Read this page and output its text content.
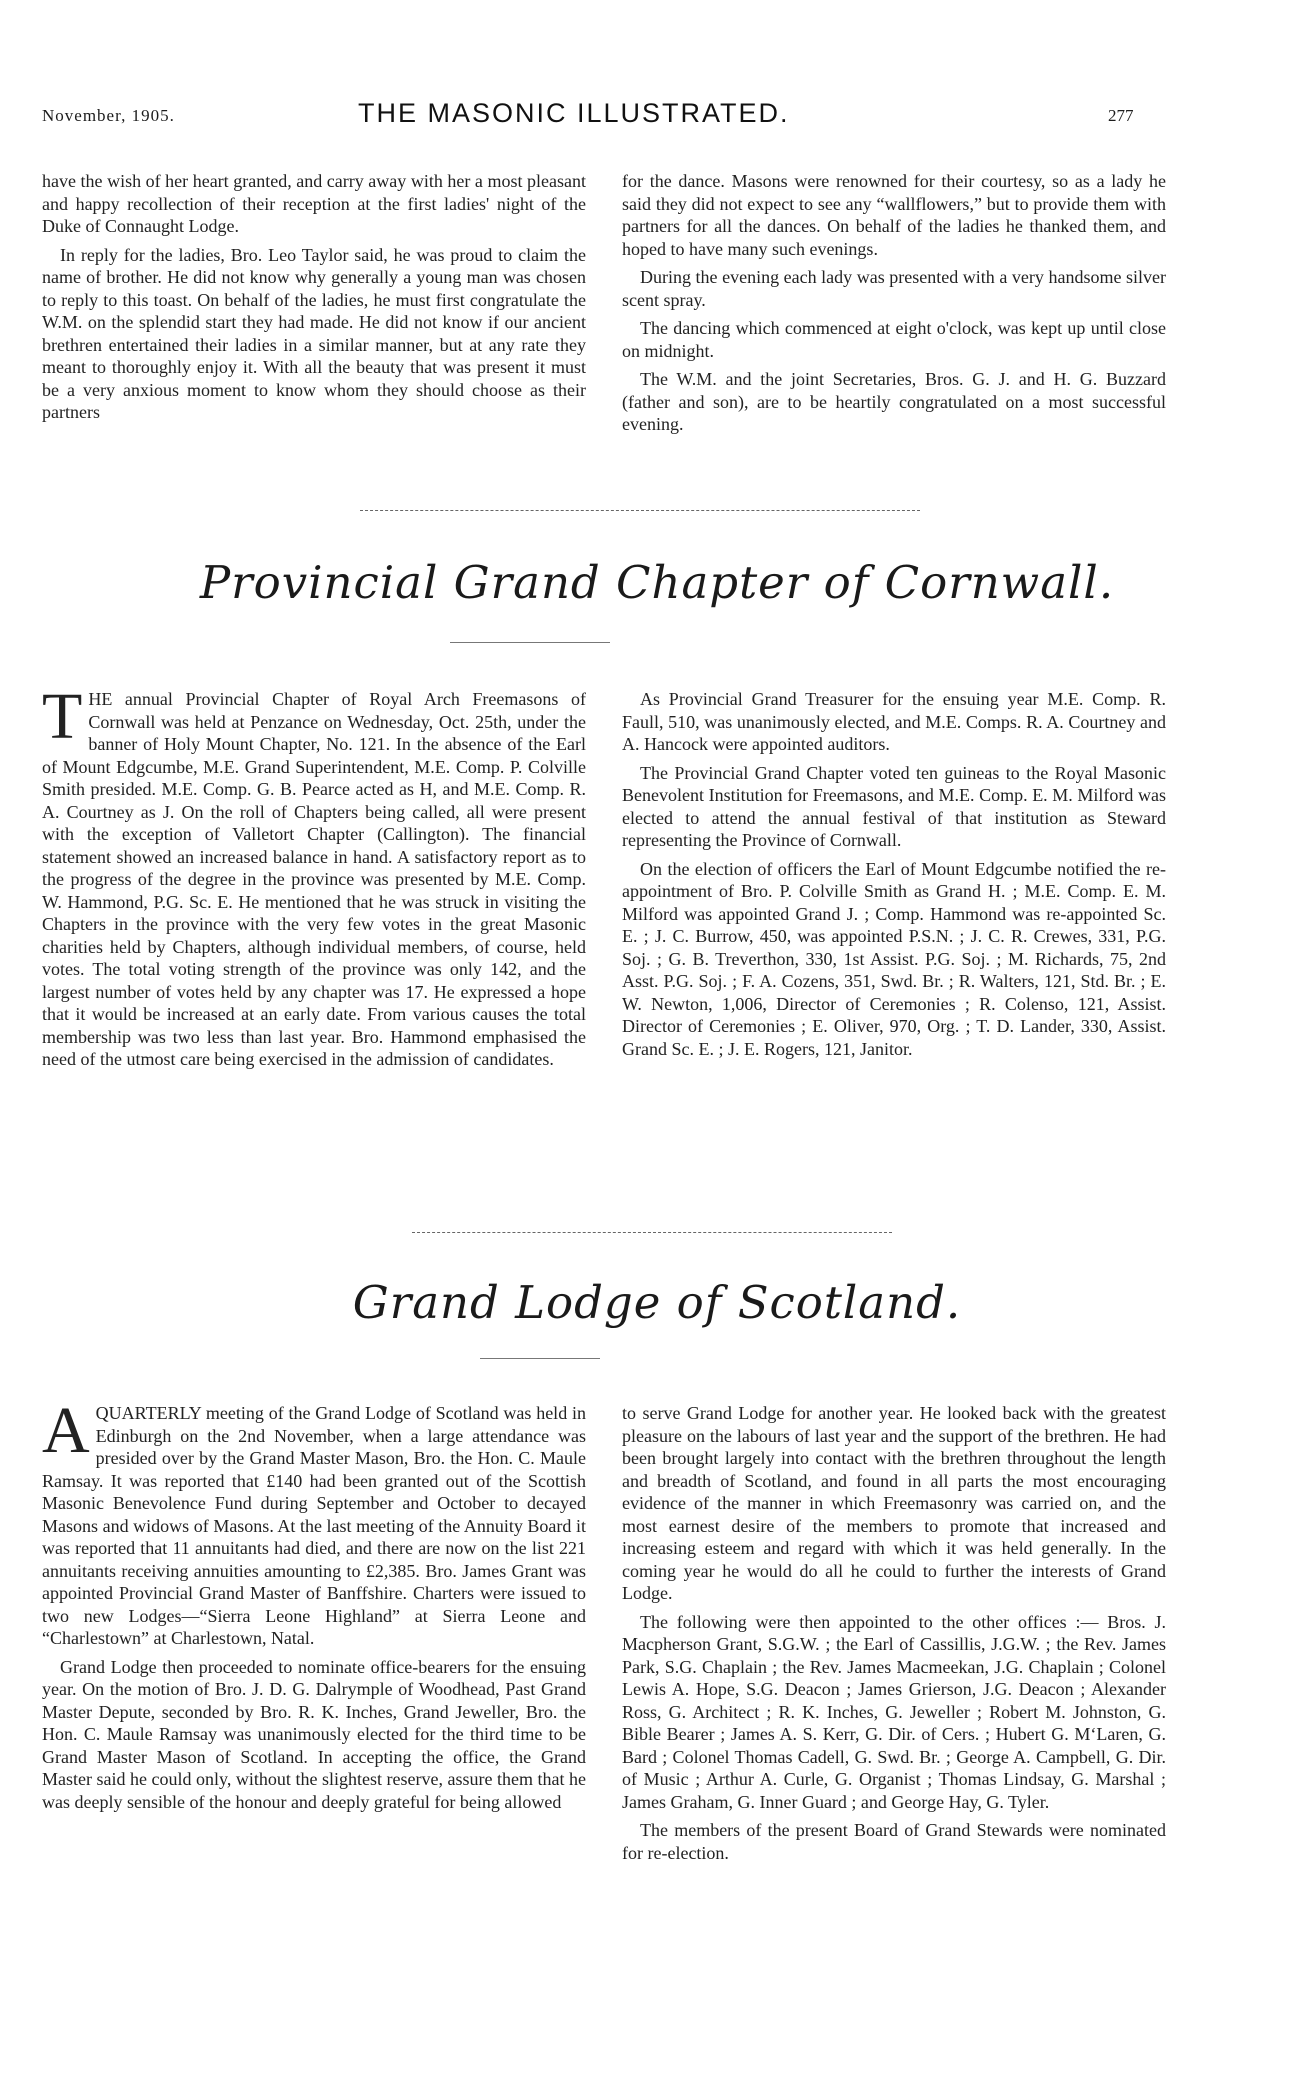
November, 1905.	THE MASONIC ILLUSTRATED.	277

have the wish of her heart granted, and carry away with her a most pleasant and happy recollection of their reception at the first ladies' night of the Duke of Connaught Lodge.

In reply for the ladies, Bro. Leo Taylor said, he was proud to claim the name of brother. He did not know why generally a young man was chosen to reply to this toast. On behalf of the ladies, he must first congratulate the W.M. on the splendid start they had made. He did not know if our ancient brethren entertained their ladies in a similar manner, but at any rate they meant to thoroughly enjoy it. With all the beauty that was present it must be a very anxious moment to know whom they should choose as their partners

for the dance. Masons were renowned for their courtesy, so as a lady he said they did not expect to see any “wallflowers,” but to provide them with partners for all the dances. On behalf of the ladies he thanked them, and hoped to have many such evenings.

During the evening each lady was presented with a very handsome silver scent spray.

The dancing which commenced at eight o'clock, was kept up until close on midnight.

The W.M. and the joint Secretaries, Bros. G. J. and H. G. Buzzard (father and son), are to be heartily congratulated on a most successful evening.

Provincial Grand Chapter of Cornwall.

THE annual Provincial Chapter of Royal Arch Freemasons of Cornwall was held at Penzance on Wednesday, Oct. 25th, under the banner of Holy Mount Chapter, No. 121. In the absence of the Earl of Mount Edgcumbe, M.E. Grand Superintendent, M.E. Comp. P. Colville Smith presided. M.E. Comp. G. B. Pearce acted as H, and M.E. Comp. R. A. Courtney as J. On the roll of Chapters being called, all were present with the exception of Valletort Chapter (Callington). The financial statement showed an increased balance in hand. A satisfactory report as to the progress of the degree in the province was presented by M.E. Comp. W. Hammond, P.G. Sc. E. He mentioned that he was struck in visiting the Chapters in the province with the very few votes in the great Masonic charities held by Chapters, although individual members, of course, held votes. The total voting strength of the province was only 142, and the largest number of votes held by any chapter was 17. He expressed a hope that it would be increased at an early date. From various causes the total membership was two less than last year. Bro. Hammond emphasised the need of the utmost care being exercised in the admission of candidates.

As Provincial Grand Treasurer for the ensuing year M.E. Comp. R. Faull, 510, was unanimously elected, and M.E. Comps. R. A. Courtney and A. Hancock were appointed auditors.

The Provincial Grand Chapter voted ten guineas to the Royal Masonic Benevolent Institution for Freemasons, and M.E. Comp. E. M. Milford was elected to attend the annual festival of that institution as Steward representing the Province of Cornwall.

On the election of officers the Earl of Mount Edgcumbe notified the re-appointment of Bro. P. Colville Smith as Grand H. ; M.E. Comp. E. M. Milford was appointed Grand J. ; Comp. Hammond was re-appointed Sc. E. ; J. C. Burrow, 450, was appointed P.S.N. ; J. C. R. Crewes, 331, P.G. Soj. ; G. B. Treverthon, 330, 1st Assist. P.G. Soj. ; M. Richards, 75, 2nd Asst. P.G. Soj. ; F. A. Cozens, 351, Swd. Br. ; R. Walters, 121, Std. Br. ; E. W. Newton, 1,006, Director of Ceremonies ; R. Colenso, 121, Assist. Director of Ceremonies ; E. Oliver, 970, Org. ; T. D. Lander, 330, Assist. Grand Sc. E. ; J. E. Rogers, 121, Janitor.

Grand Lodge of Scotland.

AQUARTERLY meeting of the Grand Lodge of Scotland was held in Edinburgh on the 2nd November, when a large attendance was presided over by the Grand Master Mason, Bro. the Hon. C. Maule Ramsay. It was reported that £140 had been granted out of the Scottish Masonic Benevolence Fund during September and October to decayed Masons and widows of Masons. At the last meeting of the Annuity Board it was reported that 11 annuitants had died, and there are now on the list 221 annuitants receiving annuities amounting to £2,385. Bro. James Grant was appointed Provincial Grand Master of Banffshire. Charters were issued to two new Lodges—“Sierra Leone Highland” at Sierra Leone and “Charlestown” at Charlestown, Natal.

Grand Lodge then proceeded to nominate office-bearers for the ensuing year. On the motion of Bro. J. D. G. Dalrymple of Woodhead, Past Grand Master Depute, seconded by Bro. R. K. Inches, Grand Jeweller, Bro. the Hon. C. Maule Ramsay was unanimously elected for the third time to be Grand Master Mason of Scotland. In accepting the office, the Grand Master said he could only, without the slightest reserve, assure them that he was deeply sensible of the honour and deeply grateful for being allowed

to serve Grand Lodge for another year. He looked back with the greatest pleasure on the labours of last year and the support of the brethren. He had been brought largely into contact with the brethren throughout the length and breadth of Scotland, and found in all parts the most encouraging evidence of the manner in which Freemasonry was carried on, and the most earnest desire of the members to promote that increased and increasing esteem and regard with which it was held generally. In the coming year he would do all he could to further the interests of Grand Lodge.

The following were then appointed to the other offices :— Bros. J. Macpherson Grant, S.G.W. ; the Earl of Cassillis, J.G.W. ; the Rev. James Park, S.G. Chaplain ; the Rev. James Macmeekan, J.G. Chaplain ; Colonel Lewis A. Hope, S.G. Deacon ; James Grierson, J.G. Deacon ; Alexander Ross, G. Architect ; R. K. Inches, G. Jeweller ; Robert M. Johnston, G. Bible Bearer ; James A. S. Kerr, G. Dir. of Cers. ; Hubert G. M‘Laren, G. Bard ; Colonel Thomas Cadell, G. Swd. Br. ; George A. Campbell, G. Dir. of Music ; Arthur A. Curle, G. Organist ; Thomas Lindsay, G. Marshal ; James Graham, G. Inner Guard ; and George Hay, G. Tyler.

The members of the present Board of Grand Stewards were nominated for re-election.
